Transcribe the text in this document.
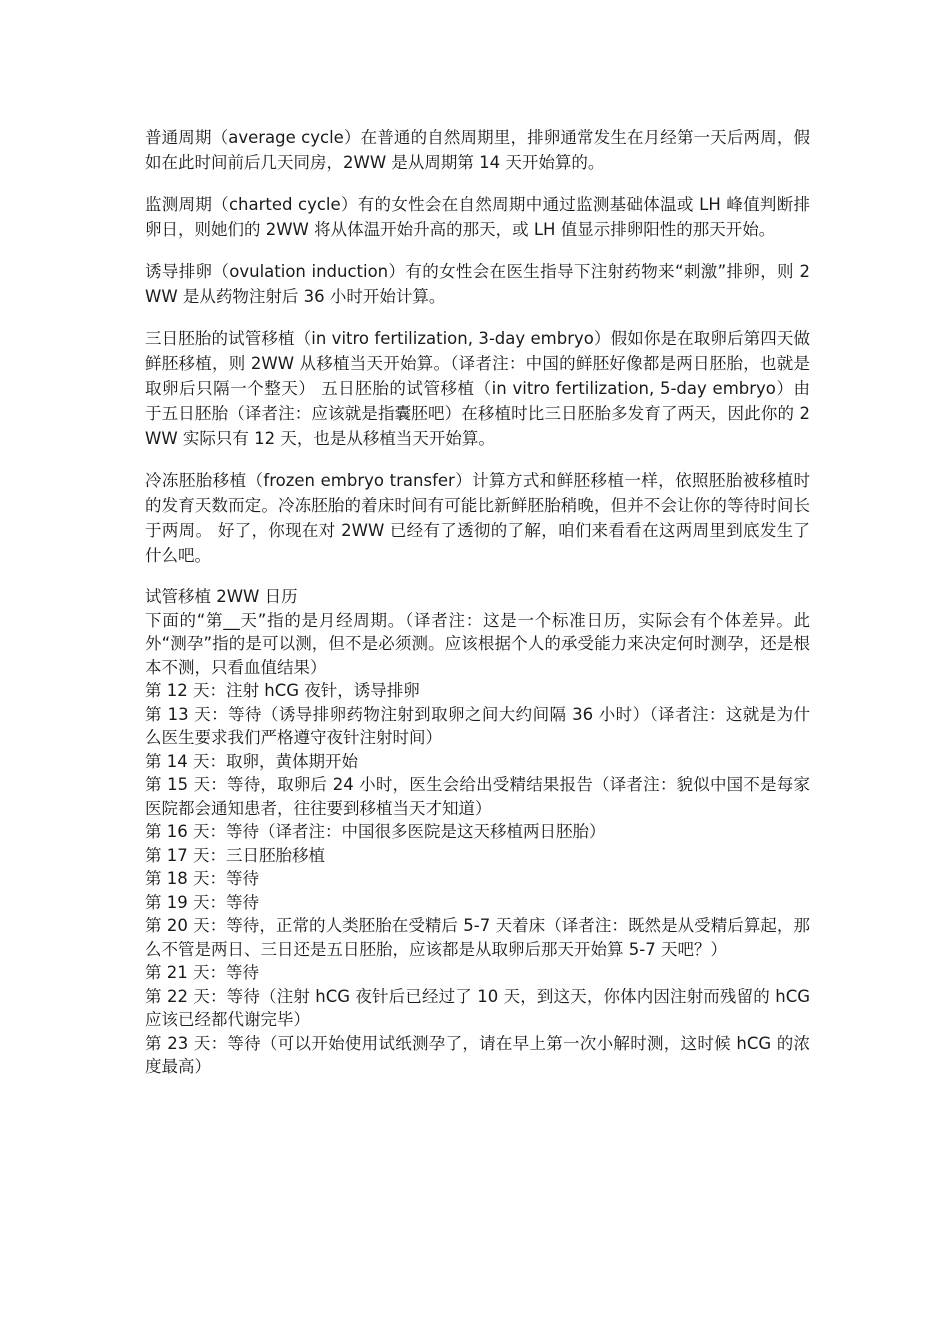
普通周期（average cycle）在普通的自然周期里，排卵通常发生在月经第一天后两周，假如在此时间前后几天同房，2WW 是从周期第 14 天开始算的。

监测周期（charted cycle）有的女性会在自然周期中通过监测基础体温或 LH 峰值判断排卵日，则她们的 2WW 将从体温开始升高的那天，或 LH 值显示排卵阳性的那天开始。

诱导排卵（ovulation induction）有的女性会在医生指导下注射药物来“刺激”排卵，则 2WW 是从药物注射后 36 小时开始计算。

三日胚胎的试管移植（in vitro fertilization, 3-day embryo）假如你是在取卵后第四天做鲜胚移植，则 2WW 从移植当天开始算。（译者注：中国的鲜胚好像都是两日胚胎，也就是取卵后只隔一个整天） 五日胚胎的试管移植（in vitro fertilization, 5-day embryo）由于五日胚胎（译者注：应该就是指囊胚吧）在移植时比三日胚胎多发育了两天，因此你的 2WW 实际只有 12 天，也是从移植当天开始算。

冷冻胚胎移植（frozen embryo transfer）计算方式和鲜胚移植一样，依照胚胎被移植时的发育天数而定。冷冻胚胎的着床时间有可能比新鲜胚胎稍晚，但并不会让你的等待时间长于两周。 好了，你现在对 2WW 已经有了透彻的了解，咱们来看看在这两周里到底发生了什么吧。

试管移植 2WW 日历

下面的“第__天”指的是月经周期。（译者注：这是一个标准日历，实际会有个体差异。此外“测孕”指的是可以测，但不是必须测。应该根据个人的承受能力来决定何时测孕，还是根本不测，只看血值结果）

第 12 天：注射 hCG 夜针，诱导排卵

第 13 天：等待（诱导排卵药物注射到取卵之间大约间隔 36 小时）（译者注：这就是为什么医生要求我们严格遵守夜针注射时间）

第 14 天：取卵，黄体期开始

第 15 天：等待，取卵后 24 小时，医生会给出受精结果报告（译者注：貌似中国不是每家医院都会通知患者，往往要到移植当天才知道）

第 16 天：等待（译者注：中国很多医院是这天移植两日胚胎）

第 17 天：三日胚胎移植

第 18 天：等待

第 19 天：等待

第 20 天：等待，正常的人类胚胎在受精后 5-7 天着床（译者注：既然是从受精后算起，那么不管是两日、三日还是五日胚胎，应该都是从取卵后那天开始算 5-7 天吧？）

第 21 天：等待

第 22 天：等待（注射 hCG 夜针后已经过了 10 天，到这天，你体内因注射而残留的 hCG 应该已经都代谢完毕）

第 23 天：等待（可以开始使用试纸测孕了，请在早上第一次小解时测，这时候 hCG 的浓度最高）
